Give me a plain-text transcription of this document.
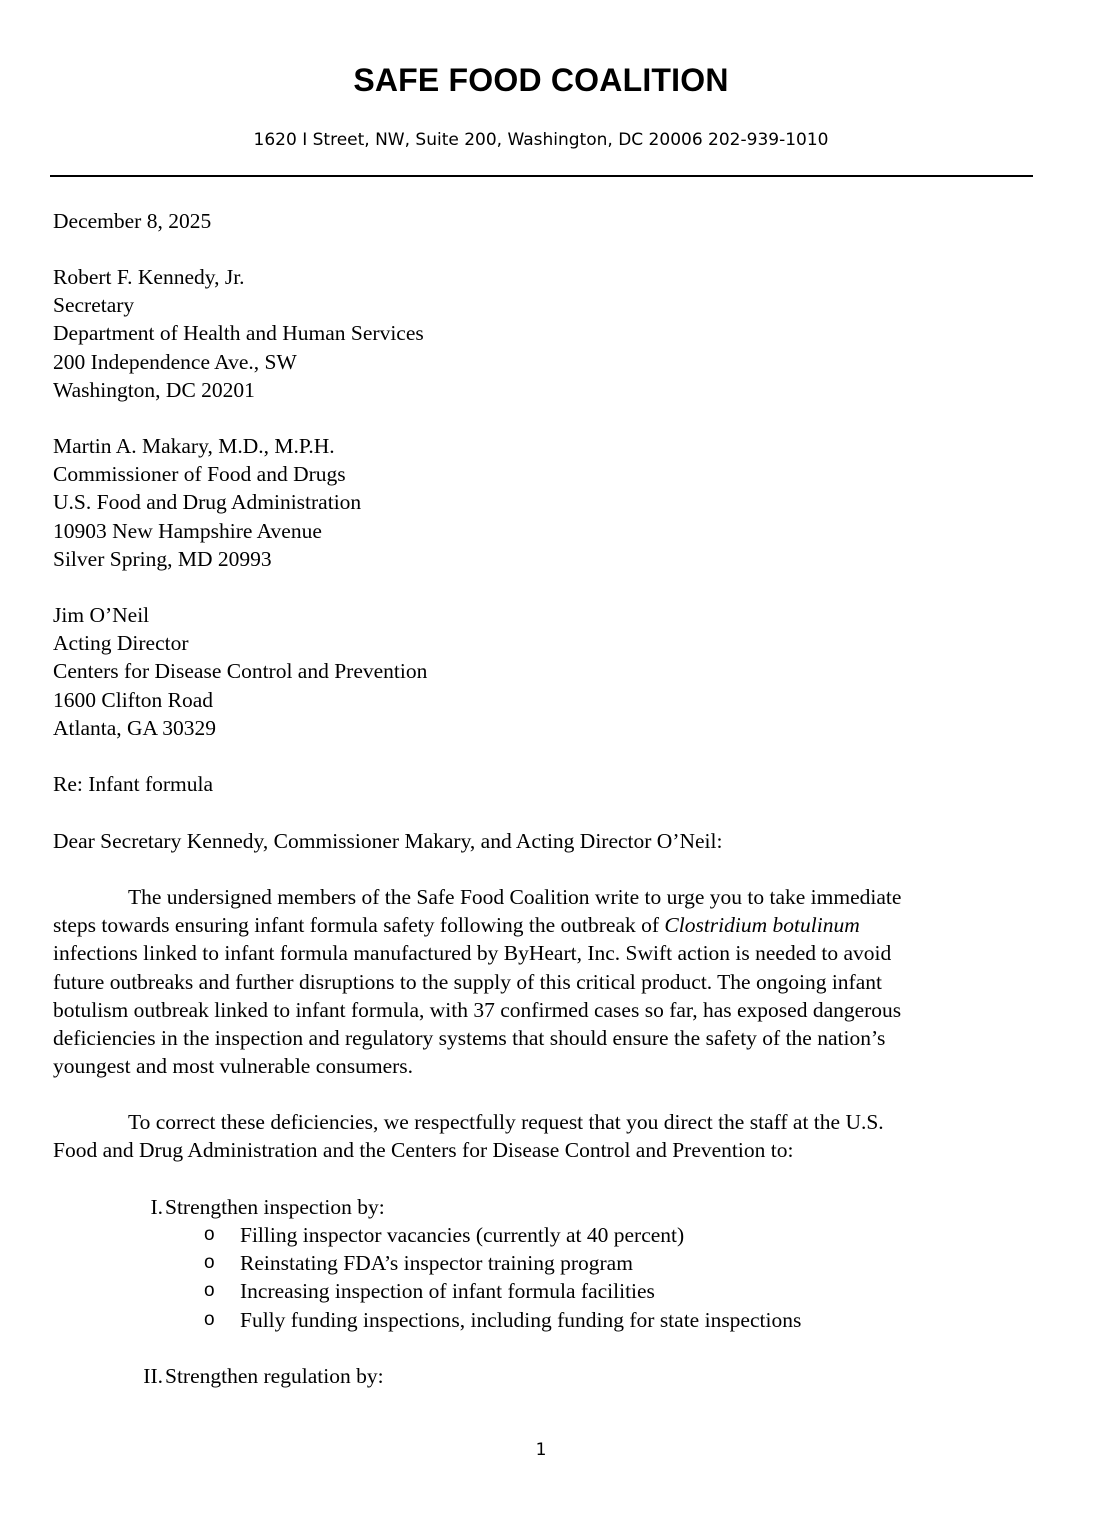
SAFE FOOD COALITION
1620 I Street, NW, Suite 200, Washington, DC 20006 202-939-1010
December 8, 2025
Robert F. Kennedy, Jr.
Secretary
Department of Health and Human Services
200 Independence Ave., SW
Washington, DC 20201
Martin A. Makary, M.D., M.P.H.
Commissioner of Food and Drugs
U.S. Food and Drug Administration
10903 New Hampshire Avenue
Silver Spring, MD 20993
Jim O’Neil
Acting Director
Centers for Disease Control and Prevention
1600 Clifton Road
Atlanta, GA 30329
Re: Infant formula
Dear Secretary Kennedy, Commissioner Makary, and Acting Director O’Neil:
The undersigned members of the Safe Food Coalition write to urge you to take immediate
steps towards ensuring infant formula safety following the outbreak of Clostridium botulinum
infections linked to infant formula manufactured by ByHeart, Inc. Swift action is needed to avoid
future outbreaks and further disruptions to the supply of this critical product. The ongoing infant
botulism outbreak linked to infant formula, with 37 confirmed cases so far, has exposed dangerous
deficiencies in the inspection and regulatory systems that should ensure the safety of the nation’s
youngest and most vulnerable consumers.
To correct these deficiencies, we respectfully request that you direct the staff at the U.S.
Food and Drug Administration and the Centers for Disease Control and Prevention to:
I. Strengthen inspection by:
o Filling inspector vacancies (currently at 40 percent)
o Reinstating FDA’s inspector training program
o Increasing inspection of infant formula facilities
o Fully funding inspections, including funding for state inspections
II. Strengthen regulation by:
1
